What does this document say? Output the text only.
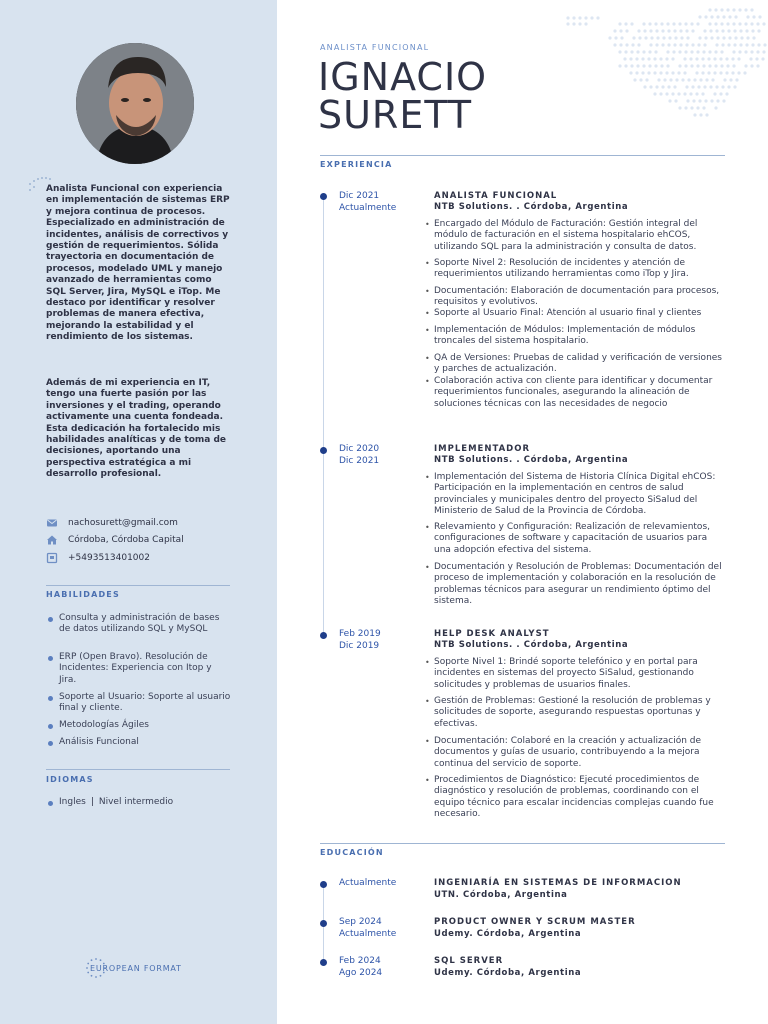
Analista Funcional con experiencia en implementación de sistemas ERP y mejora continua de procesos. Especializado en administración de incidentes, análisis de correctivos y gestión de requerimientos. Sólida trayectoria en documentación de procesos, modelado UML y manejo avanzado de herramientas como SQL Server, Jira, MySQL e iTop. Me destaco por identificar y resolver problemas de manera efectiva, mejorando la estabilidad y el rendimiento de los sistemas.

Además de mi experiencia en IT, tengo una fuerte pasión por las inversiones y el trading, operando activamente una cuenta fondeada. Esta dedicación ha fortalecido mis habilidades analíticas y de toma de decisiones, aportando una perspectiva estratégica a mi desarrollo profesional.

nachosurett@gmail.com
Córdoba, Córdoba Capital
+5493513401002
HABILIDADES
Consulta y administración de bases de datos utilizando SQL y MySQL
ERP (Open Bravo). Resolución de Incidentes: Experiencia con Itop y Jira.
Soporte al Usuario: Soporte al usuario final y cliente.
Metodologías Ágiles
Análisis Funcional
IDIOMAS
Ingles | Nivel intermedio
EUROPEAN FORMAT
ANALISTA FUNCIONAL
IGNACIO
SURETT
EXPERIENCIA
Dic 2021
Actualmente
ANALISTA FUNCIONAL
NTB Solutions. . Córdoba, Argentina
• Encargado del Módulo de Facturación: Gestión integral del módulo de facturación en el sistema hospitalario ehCOS, utilizando SQL para la administración y consulta de datos.
• Soporte Nivel 2: Resolución de incidentes y atención de requerimientos utilizando herramientas como iTop y Jira.
• Documentación: Elaboración de documentación para procesos, requisitos y evolutivos.
• Soporte al Usuario Final: Atención al usuario final y clientes
• Implementación de Módulos: Implementación de módulos troncales del sistema hospitalario.
• QA de Versiones: Pruebas de calidad y verificación de versiones y parches de actualización.
• Colaboración activa con cliente para identificar y documentar requerimientos funcionales, asegurando la alineación de soluciones técnicas con las necesidades de negocio
Dic 2020
Dic 2021
IMPLEMENTADOR
NTB Solutions. . Córdoba, Argentina
• Implementación del Sistema de Historia Clínica Digital ehCOS: Participación en la implementación en centros de salud provinciales y municipales dentro del proyecto SiSalud del Ministerio de Salud de la Provincia de Córdoba.
• Relevamiento y Configuración: Realización de relevamientos, configuraciones de software y capacitación de usuarios para una adopción efectiva del sistema.
• Documentación y Resolución de Problemas: Documentación del proceso de implementación y colaboración en la resolución de problemas técnicos para asegurar un rendimiento óptimo del sistema.
Feb 2019
Dic 2019
HELP DESK ANALYST
NTB Solutions. . Córdoba, Argentina
• Soporte Nivel 1: Brindé soporte telefónico y en portal para incidentes en sistemas del proyecto SiSalud, gestionando solicitudes y problemas de usuarios finales.
• Gestión de Problemas: Gestioné la resolución de problemas y solicitudes de soporte, asegurando respuestas oportunas y efectivas.
• Documentación: Colaboré en la creación y actualización de documentos y guías de usuario, contribuyendo a la mejora continua del servicio de soporte.
• Procedimientos de Diagnóstico: Ejecuté procedimientos de diagnóstico y resolución de problemas, coordinando con el equipo técnico para escalar incidencias complejas cuando fue necesario.
EDUCACIÓN
Actualmente	INGENIARÍA EN SISTEMAS DE INFORMACION
UTN. Córdoba, Argentina
Sep 2024
Actualmente
PRODUCT OWNER Y SCRUM MASTER
Udemy. Córdoba, Argentina
Feb 2024
Ago 2024
SQL SERVER
Udemy. Córdoba, Argentina
